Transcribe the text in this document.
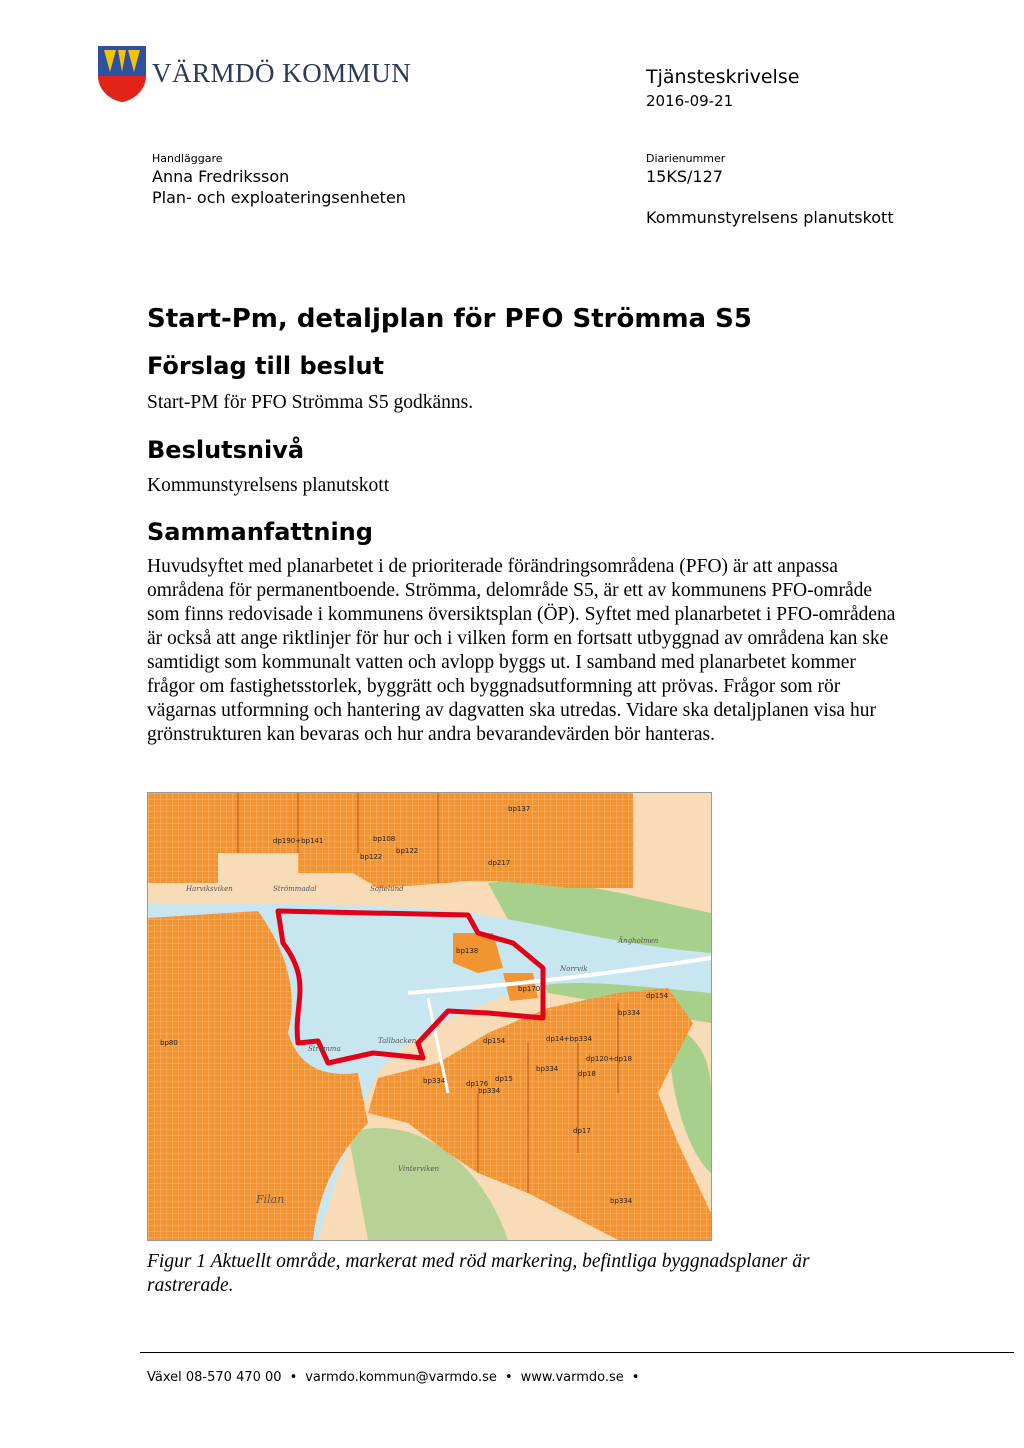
VÄRMDÖ KOMMUN	Tjänsteskrivelse
2016-09-21
Handläggare
Anna Fredriksson
Plan- och exploateringsenheten
Diarienummer
15KS/127
Kommunstyrelsens planutskott
Start-Pm, detaljplan för PFO Strömma S5
Förslag till beslut
Start-PM för PFO Strömma S5 godkänns.
Beslutsnivå
Kommunstyrelsens planutskott
Sammanfattning
Huvudsyftet med planarbetet i de prioriterade förändringsområdena (PFO) är att anpassa områdena för permanentboende. Strömma, delområde S5, är ett av kommunens PFO-område som finns redovisade i kommunens översiktsplan (ÖP). Syftet med planarbetet i PFO-områdena är också att ange riktlinjer för hur och i vilken form en fortsatt utbyggnad av områdena kan ske samtidigt som kommunalt vatten och avlopp byggs ut. I samband med planarbetet kommer frågor om fastighetsstorlek, byggrätt och byggnadsutformning att prövas. Frågor som rör vägarnas utformning och hantering av dagvatten ska utredas. Vidare ska detaljplanen visa hur grönstrukturen kan bevaras och hur andra bevarandevärden bör hanteras.
bp137
dp190+bp141	bp108
bp122
bp122
dp217
bp138
bp170
dp154
bp334
bp80	dp154	dp14+bp334
bp334
dp120+dp18
bp334	dp176
dp15
bp334
dp18
dp17
bp334
Harviksviken	Strömmadal	Sofielund
Strömma
Tallbacken
Norrvik
Ängholmen
Vinterviken
Filan
Figur 1 Aktuellt område, markerat med röd markering, befintliga byggnadsplaner är rastrerade.
Växel 08-570 470 00 • varmdo.kommun@varmdo.se • www.varmdo.se •
